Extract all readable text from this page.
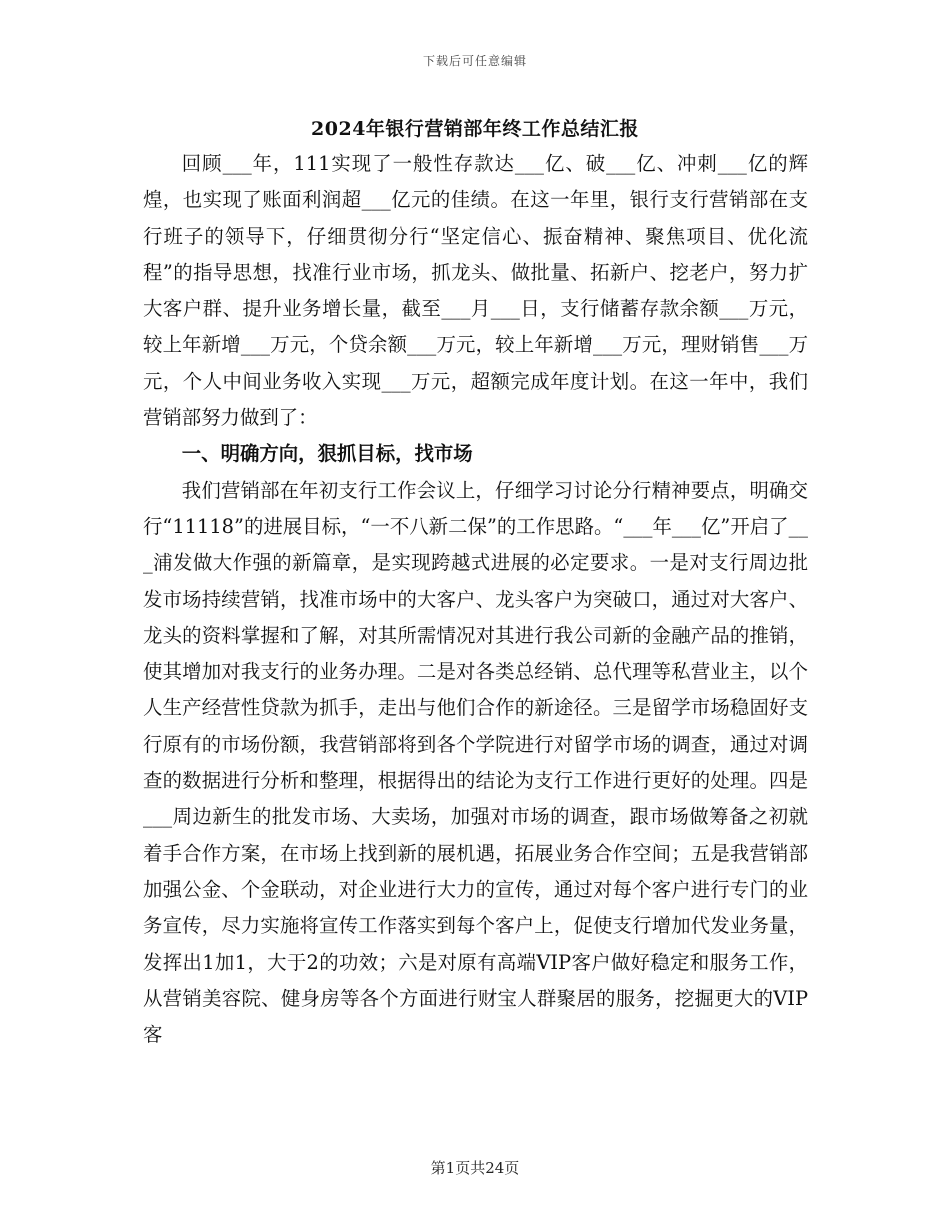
下载后可任意编辑
2024年银行营销部年终工作总结汇报

回顾___年，111实现了一般性存款达___亿、破___亿、冲刺___亿的辉煌，也实现了账面利润超___亿元的佳绩。在这一年里，银行支行营销部在支行班子的领导下，仔细贯彻分行“坚定信心、振奋精神、聚焦项目、优化流程”的指导思想，找准行业市场，抓龙头、做批量、拓新户、挖老户，努力扩大客户群、提升业务增长量，截至___月___日，支行储蓄存款余额___万元，较上年新增___万元，个贷余额___万元，较上年新增___万元，理财销售___万元，个人中间业务收入实现___万元，超额完成年度计划。在这一年中，我们营销部努力做到了：

一、明确方向，狠抓目标，找市场

我们营销部在年初支行工作会议上，仔细学习讨论分行精神要点，明确交行“11118”的进展目标，“一不八新二保”的工作思路。“___年___亿”开启了___浦发做大作强的新篇章，是实现跨越式进展的必定要求。一是对支行周边批发市场持续营销，找准市场中的大客户、龙头客户为突破口，通过对大客户、龙头的资料掌握和了解，对其所需情况对其进行我公司新的金融产品的推销，使其增加对我支行的业务办理。二是对各类总经销、总代理等私营业主，以个人生产经营性贷款为抓手，走出与他们合作的新途径。三是留学市场稳固好支行原有的市场份额，我营销部将到各个学院进行对留学市场的调查，通过对调查的数据进行分析和整理，根据得出的结论为支行工作进行更好的处理。四是___周边新生的批发市场、大卖场，加强对市场的调查，跟市场做筹备之初就着手合作方案，在市场上找到新的展机遇，拓展业务合作空间；五是我营销部加强公金、个金联动，对企业进行大力的宣传，通过对每个客户进行专门的业务宣传，尽力实施将宣传工作落实到每个客户上，促使支行增加代发业务量，发挥出1加1，大于2的功效；六是对原有高端VIP客户做好稳定和服务工作，从营销美容院、健身房等各个方面进行财宝人群聚居的服务，挖掘更大的VIP客

第1页共24页
